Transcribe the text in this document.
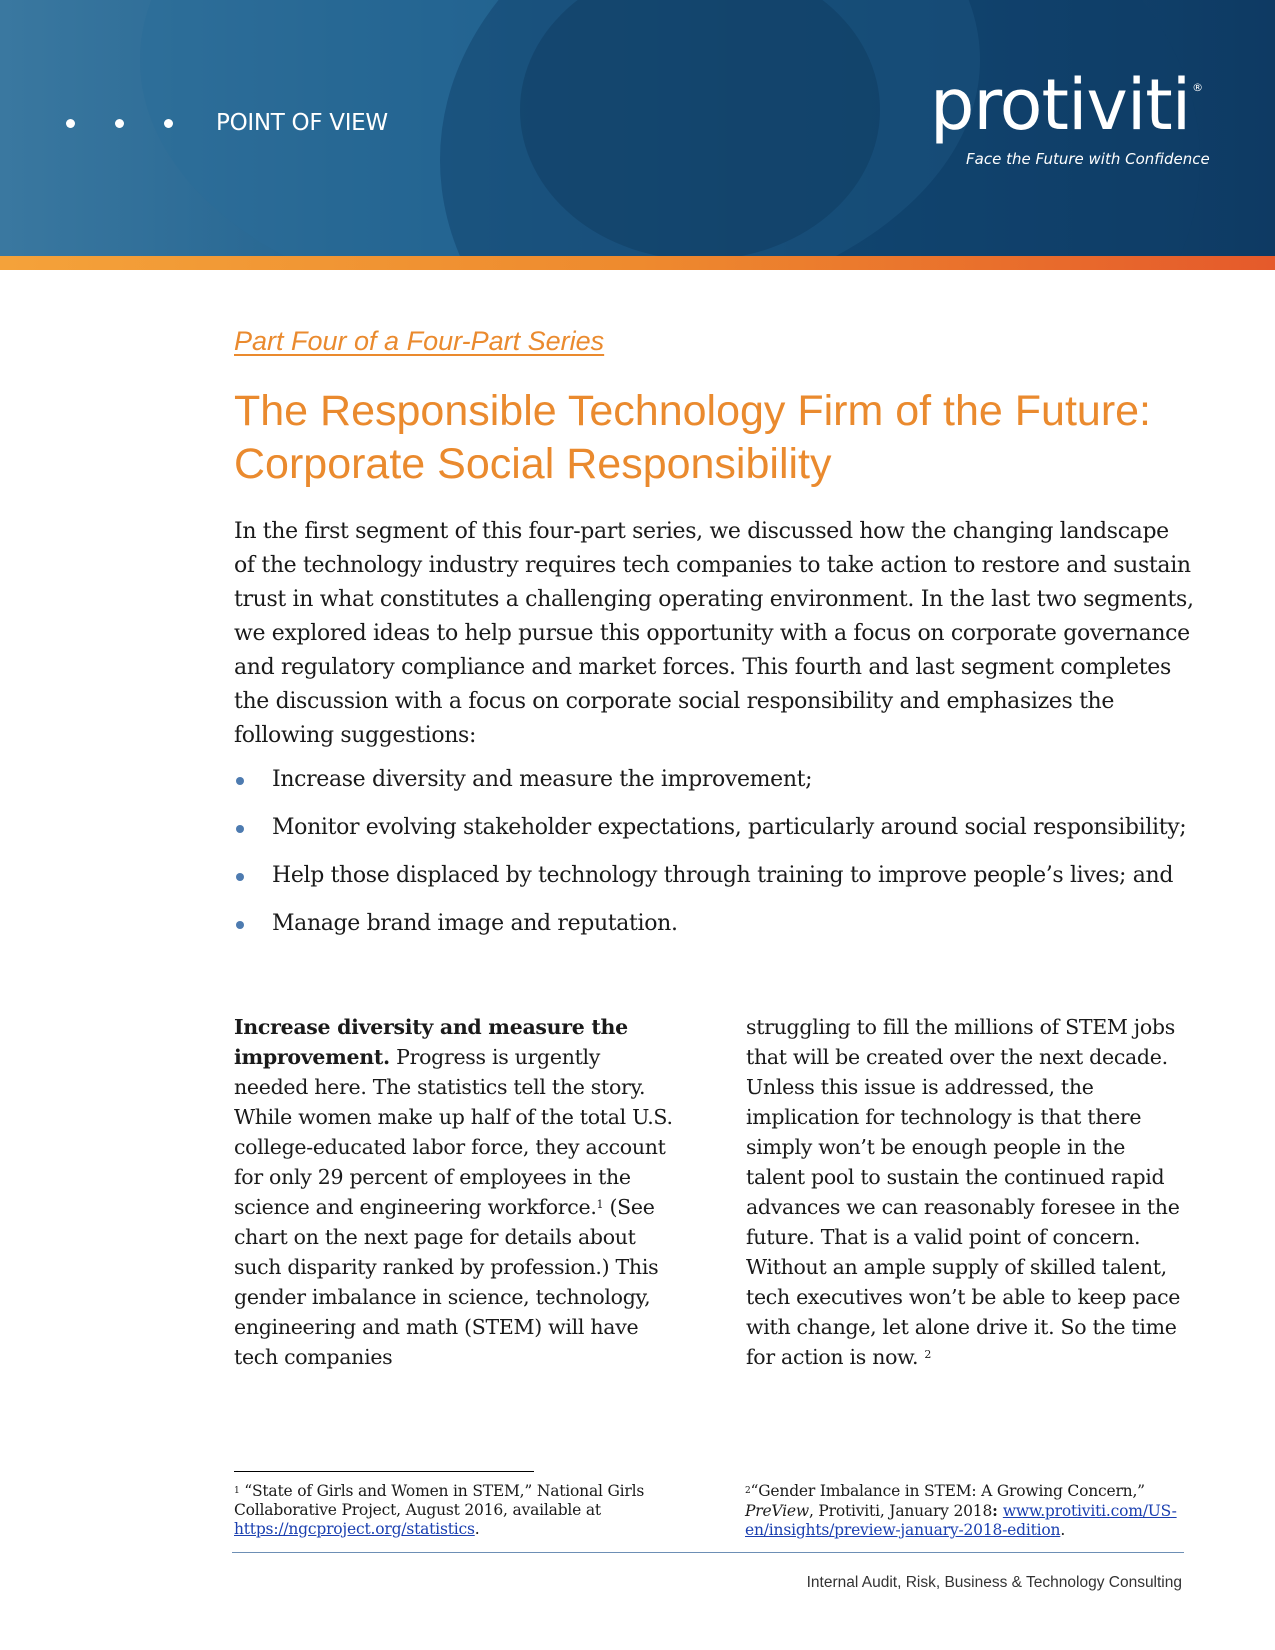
POINT OF VIEW	protiviti ®
Face the Future with Confidence
Part Four of a Four-Part Series
The Responsible Technology Firm of the Future: Corporate Social Responsibility

In the first segment of this four-part series, we discussed how the changing landscape of the technology industry requires tech companies to take action to restore and sustain trust in what constitutes a challenging operating environment. In the last two segments, we explored ideas to help pursue this opportunity with a focus on corporate governance and regulatory compliance and market forces. This fourth and last segment completes the discussion with a focus on corporate social responsibility and emphasizes the following suggestions:

Increase diversity and measure the improvement;
Monitor evolving stakeholder expectations, particularly around social responsibility;
Help those displaced by technology through training to improve people’s lives; and
Manage brand image and reputation.
Increase diversity and measure the improvement. Progress is urgently needed here. The statistics tell the story. While women make up half of the total U.S. college-educated labor force, they account for only 29 percent of employees in the science and engineering workforce.$^1$ (See chart on the next page for details about such disparity ranked by profession.) This gender imbalance in science, technology, engineering and math (STEM) will have tech companies
struggling to fill the millions of STEM jobs that will be created over the next decade. Unless this issue is addressed, the implication for technology is that there simply won’t be enough people in the talent pool to sustain the continued rapid advances we can reasonably foresee in the future. That is a valid point of concern. Without an ample supply of skilled talent, tech executives won’t be able to keep pace with change, let alone drive it. So the time for action is now. $^2$
$^1$ “State of Girls and Women in STEM,” National Girls Collaborative Project, August 2016, available at https://ngcproject.org/statistics.
$^2$“Gender Imbalance in STEM: A Growing Concern,” PreView, Protiviti, January 2018: www.protiviti.com/US-en/insights/preview-january-2018-edition.
Internal Audit, Risk, Business & Technology Consulting
